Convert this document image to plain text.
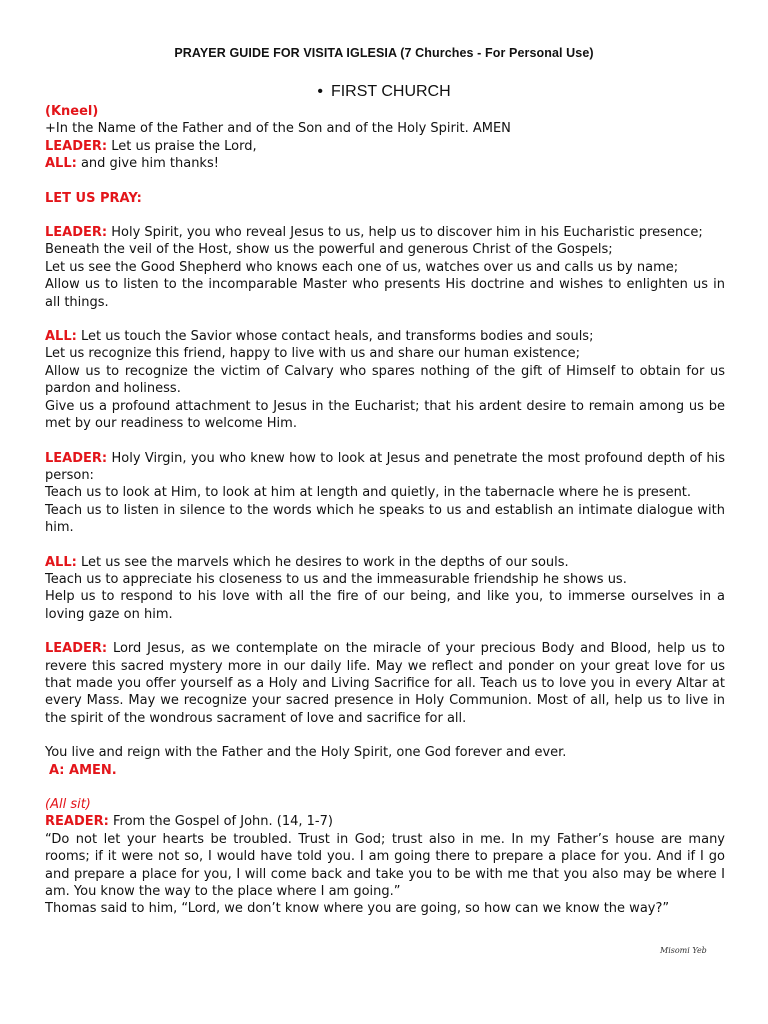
PRAYER GUIDE FOR VISITA IGLESIA (7 Churches - For Personal Use)
• FIRST CHURCH

(Kneel)

+In the Name of the Father and of the Son and of the Holy Spirit. AMEN

LEADER: Let us praise the Lord,

ALL: and give him thanks!

LET US PRAY:

LEADER: Holy Spirit, you who reveal Jesus to us, help us to discover him in his Eucharistic presence;

Beneath the veil of the Host, show us the powerful and generous Christ of the Gospels;

Let us see the Good Shepherd who knows each one of us, watches over us and calls us by name;

Allow us to listen to the incomparable Master who presents His doctrine and wishes to enlighten us in all things.

ALL: Let us touch the Savior whose contact heals, and transforms bodies and souls;

Let us recognize this friend, happy to live with us and share our human existence;

Allow us to recognize the victim of Calvary who spares nothing of the gift of Himself to obtain for us pardon and holiness.

Give us a profound attachment to Jesus in the Eucharist; that his ardent desire to remain among us be met by our readiness to welcome Him.

LEADER: Holy Virgin, you who knew how to look at Jesus and penetrate the most profound depth of his person:

Teach us to look at Him, to look at him at length and quietly, in the tabernacle where he is present.

Teach us to listen in silence to the words which he speaks to us and establish an intimate dialogue with him.

ALL: Let us see the marvels which he desires to work in the depths of our souls.

Teach us to appreciate his closeness to us and the immeasurable friendship he shows us.

Help us to respond to his love with all the fire of our being, and like you, to immerse ourselves in a loving gaze on him.

LEADER: Lord Jesus, as we contemplate on the miracle of your precious Body and Blood, help us to revere this sacred mystery more in our daily life. May we reflect and ponder on your great love for us that made you offer yourself as a Holy and Living Sacrifice for all. Teach us to love you in every Altar at every Mass. May we recognize your sacred presence in Holy Communion. Most of all, help us to live in the spirit of the wondrous sacrament of love and sacrifice for all.

You live and reign with the Father and the Holy Spirit, one God forever and ever.

A: AMEN.

(All sit)

READER: From the Gospel of John. (14, 1-7)

“Do not let your hearts be troubled. Trust in God; trust also in me. In my Father’s house are many rooms; if it were not so, I would have told you. I am going there to prepare a place for you. And if I go and prepare a place for you, I will come back and take you to be with me that you also may be where I am. You know the way to the place where I am going.”

Thomas said to him, “Lord, we don’t know where you are going, so how can we know the way?”

Misomi Yeb
